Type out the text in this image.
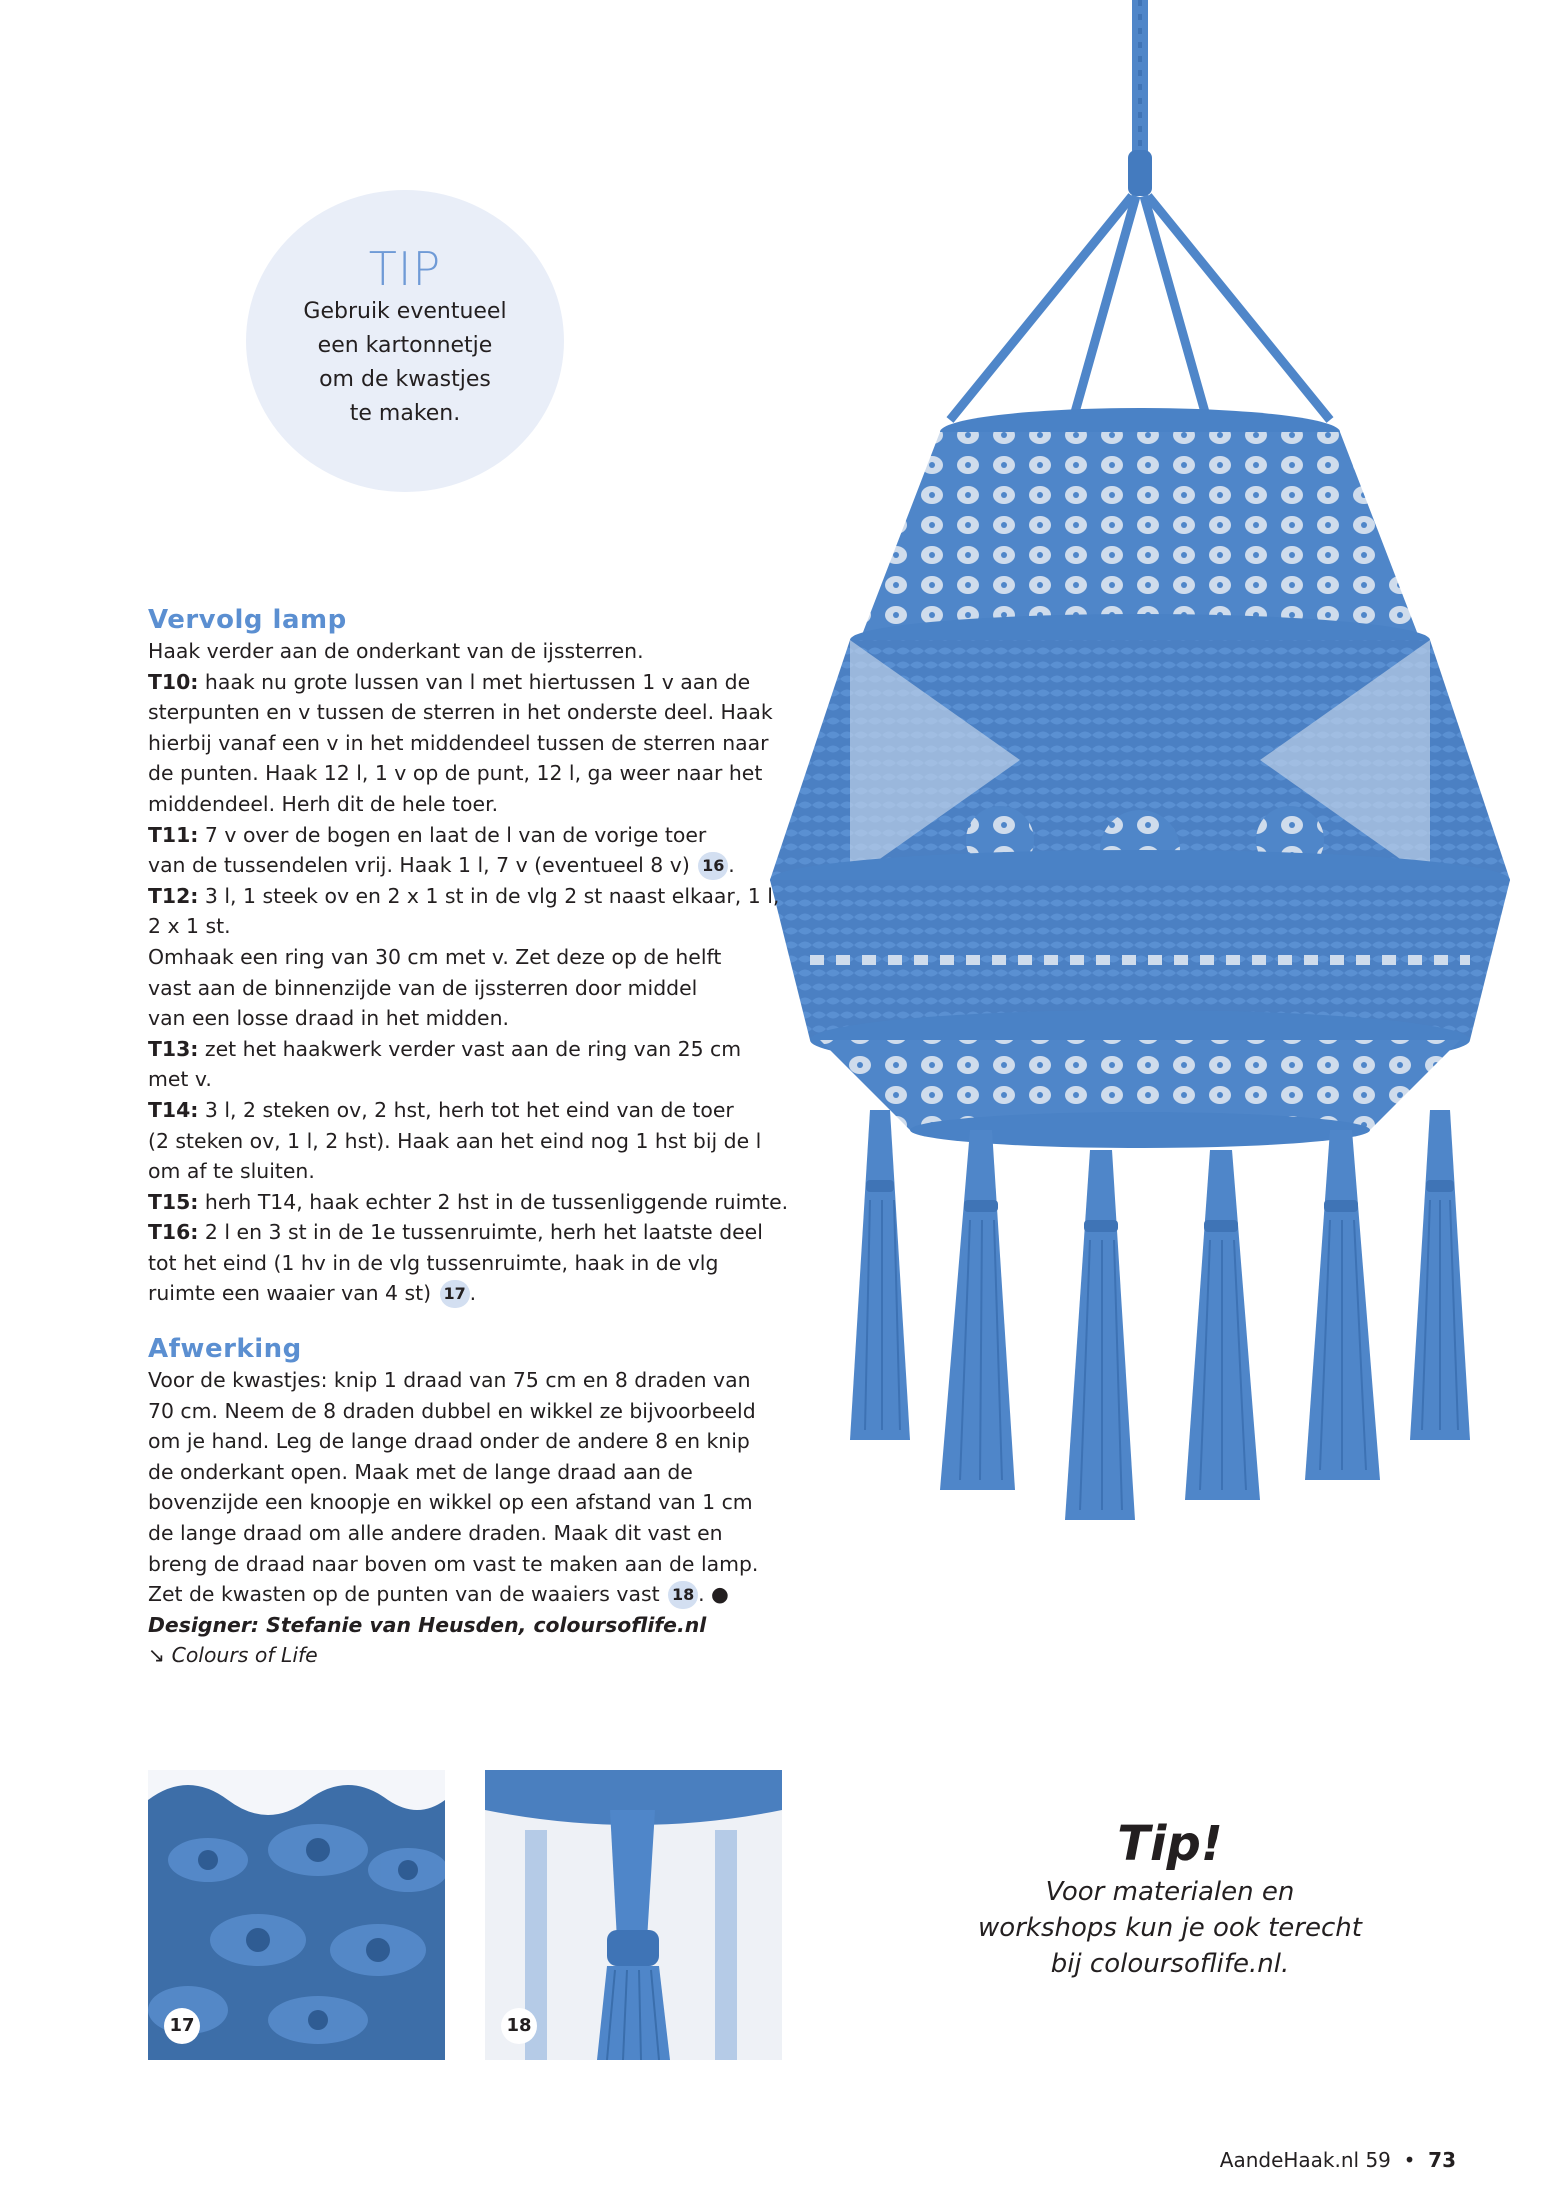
TIP
Gebruik eventueel
een kartonnetje
om de kwastjes
te maken.
Vervolg lamp
Haak verder aan de onderkant van de ijssterren.
T10: haak nu grote lussen van l met hiertussen 1 v aan de
sterpunten en v tussen de sterren in het onderste deel. Haak
hierbij vanaf een v in het middendeel tussen de sterren naar
de punten. Haak 12 l, 1 v op de punt, 12 l, ga weer naar het
middendeel. Herh dit de hele toer.
T11: 7 v over de bogen en laat de l van de vorige toer
van de tussendelen vrij. Haak 1 l, 7 v (eventueel 8 v) 16 .
T12: 3 l, 1 steek ov en 2 x 1 st in de vlg 2 st naast elkaar, 1 l,
2 x 1 st.
Omhaak een ring van 30 cm met v. Zet deze op de helft
vast aan de binnenzijde van de ijssterren door middel
van een losse draad in het midden.
T13: zet het haakwerk verder vast aan de ring van 25 cm
met v.
T14: 3 l, 2 steken ov, 2 hst, herh tot het eind van de toer
(2 steken ov, 1 l, 2 hst). Haak aan het eind nog 1 hst bij de l
om af te sluiten.
T15: herh T14, haak echter 2 hst in de tussenliggende ruimte.
T16: 2 l en 3 st in de 1e tussenruimte, herh het laatste deel
tot het eind (1 hv in de vlg tussenruimte, haak in de vlg
ruimte een waaier van 4 st) 17 .
Afwerking
Voor de kwastjes: knip 1 draad van 75 cm en 8 draden van
70 cm. Neem de 8 draden dubbel en wikkel ze bijvoorbeeld
om je hand. Leg de lange draad onder de andere 8 en knip
de onderkant open. Maak met de lange draad aan de
bovenzijde een knoopje en wikkel op een afstand van 1 cm
de lange draad om alle andere draden. Maak dit vast en
breng de draad naar boven om vast te maken aan de lamp.
Zet de kwasten op de punten van de waaiers vast 18 . ●
Designer: Stefanie van Heusden, coloursoflife.nl
↘ Colours of Life
17	18
Tip!
Voor materialen en
workshops kun je ook terecht
bij coloursoflife.nl.
AandeHaak.nl 59 • 73
